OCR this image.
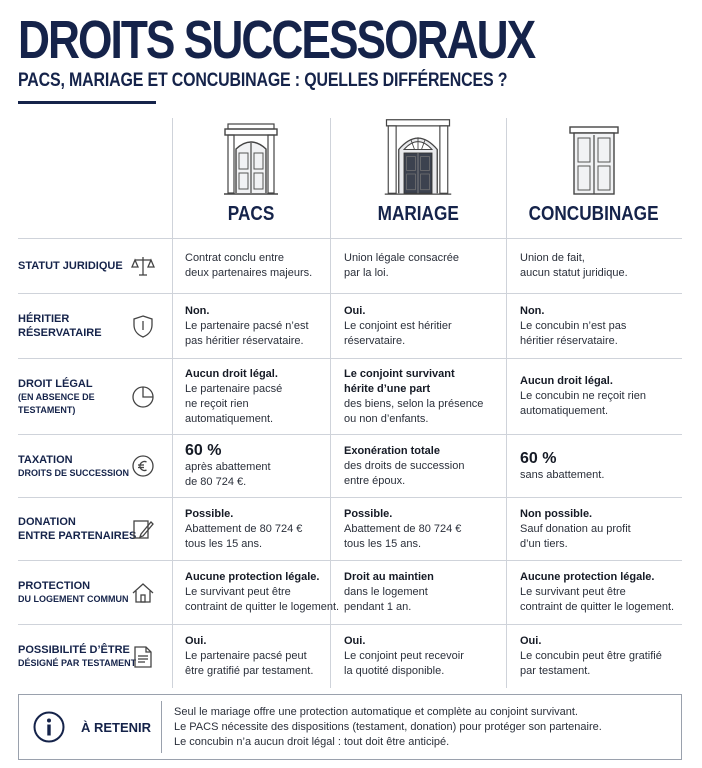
DROITS SUCCESSORAUX
PACS, MARIAGE ET CONCUBINAGE : QUELLES DIFFÉRENCES ?
PACS	MARIAGE	CONCUBINAGE
STATUT JURIDIQUE
Contrat conclu entre
deux partenaires majeurs.
Union légale consacrée
par la loi.
Union de fait,
aucun statut juridique.
HÉRITIER
RÉSERVATAIRE
Non.
Le partenaire pacsé n’est
pas héritier réservataire.
Oui.
Le conjoint est héritier
réservataire.
Non.
Le concubin n’est pas
héritier réservataire.
DROIT LÉGAL
(EN ABSENCE DE TESTAMENT)
Aucun droit légal.
Le partenaire pacsé
ne reçoit rien
automatiquement.
Le conjoint survivant
hérite d’une part
des biens, selon la présence
ou non d’enfants.
Aucun droit légal.
Le concubin ne reçoit rien
automatiquement.
TAXATION
DROITS DE SUCCESSION
60 %
après abattement
de 80 724 €.
Exonération totale
des droits de succession
entre époux.
60 %
sans abattement.
DONATION
ENTRE PARTENAIRES
Possible.
Abattement de 80 724 €
tous les 15 ans.
Possible.
Abattement de 80 724 €
tous les 15 ans.
Non possible.
Sauf donation au profit
d’un tiers.
PROTECTION
DU LOGEMENT COMMUN
Aucune protection légale.
Le survivant peut être
contraint de quitter le logement.
Droit au maintien
dans le logement
pendant 1 an.
Aucune protection légale.
Le survivant peut être
contraint de quitter le logement.
POSSIBILITÉ D’ÊTRE
DÉSIGNÉ PAR TESTAMENT
Oui.
Le partenaire pacsé peut
être gratifié par testament.
Oui.
Le conjoint peut recevoir
la quotité disponible.
Oui.
Le concubin peut être gratifié
par testament.
À RETENIR
Seul le mariage offre une protection automatique et complète au conjoint survivant.
Le PACS nécessite des dispositions (testament, donation) pour protéger son partenaire.
Le concubin n’a aucun droit légal : tout doit être anticipé.
